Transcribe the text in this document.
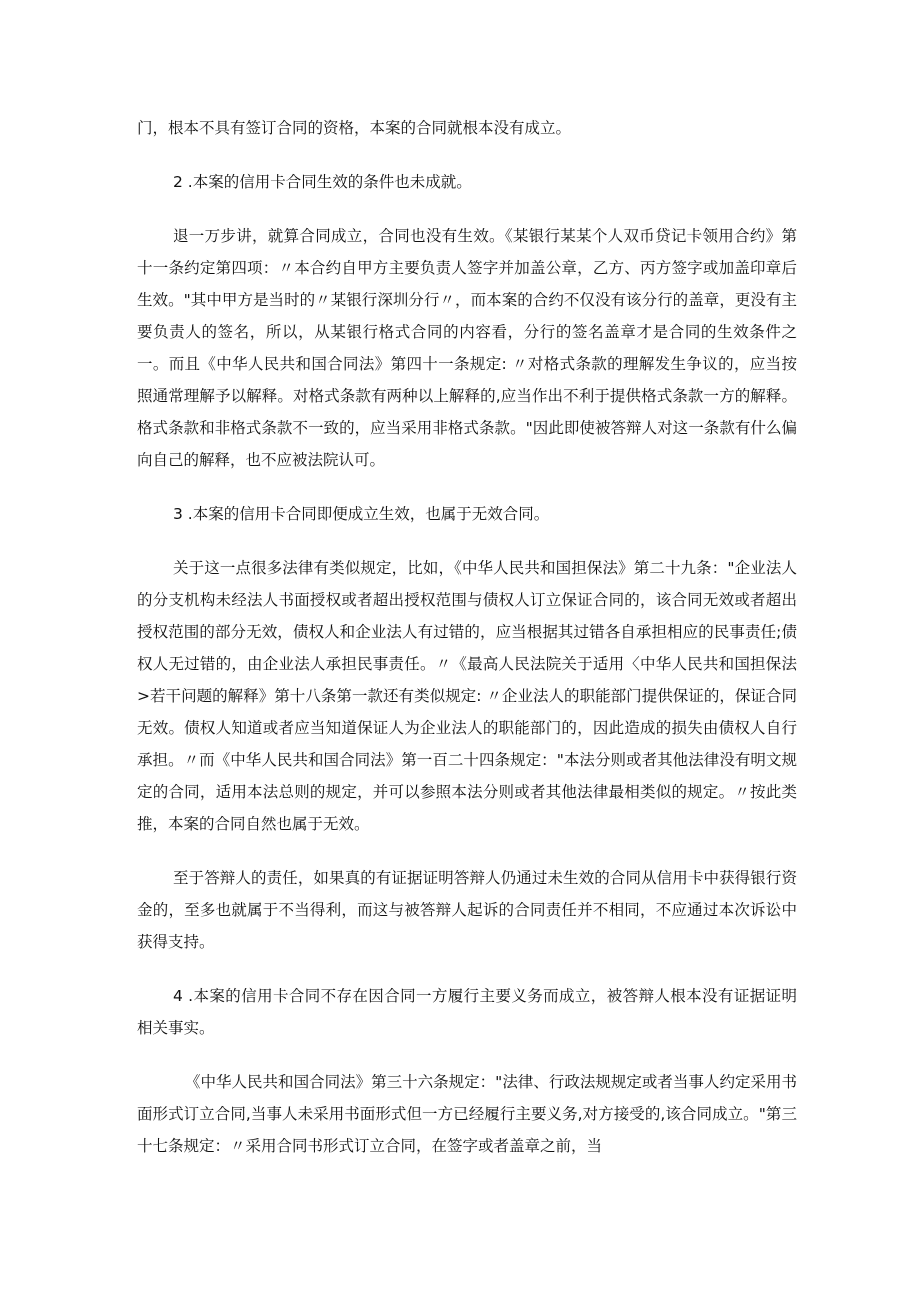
门，根本不具有签订合同的资格，本案的合同就根本没有成立。

2 .本案的信用卡合同生效的条件也未成就。

退一万步讲，就算合同成立，合同也没有生效。《某银行某某个人双币贷记卡领用合约》第十一条约定第四项：〃本合约自甲方主要负责人签字并加盖公章，乙方、丙方签字或加盖印章后生效。"其中甲方是当时的〃某银行深圳分行〃，而本案的合约不仅没有该分行的盖章，更没有主要负责人的签名，所以，从某银行格式合同的内容看，分行的签名盖章才是合同的生效条件之一。而且《中华人民共和国合同法》第四十一条规定: 〃对格式条款的理解发生争议的，应当按照通常理解予以解释。对格式条款有两种以上解释的,应当作出不利于提供格式条款一方的解释。格式条款和非格式条款不一致的，应当采用非格式条款。"因此即使被答辩人对这一条款有什么偏向自己的解释，也不应被法院认可。

3 .本案的信用卡合同即便成立生效，也属于无效合同。

关于这一点很多法律有类似规定，比如，《中华人民共和国担保法》第二十九条："企业法人的分支机构未经法人书面授权或者超出授权范围与债权人订立保证合同的，该合同无效或者超出授权范围的部分无效，债权人和企业法人有过错的，应当根据其过错各自承担相应的民事责任;债权人无过错的，由企业法人承担民事责任。〃《最高人民法院关于适用〈中华人民共和国担保法>若干问题的解释》第十八条第一款还有类似规定: 〃企业法人的职能部门提供保证的，保证合同无效。债权人知道或者应当知道保证人为企业法人的职能部门的，因此造成的损失由债权人自行承担。〃而《中华人民共和国合同法》第一百二十四条规定："本法分则或者其他法律没有明文规定的合同，适用本法总则的规定，并可以参照本法分则或者其他法律最相类似的规定。〃按此类推，本案的合同自然也属于无效。

至于答辩人的责任，如果真的有证据证明答辩人仍通过未生效的合同从信用卡中获得银行资金的，至多也就属于不当得利，而这与被答辩人起诉的合同责任并不相同，不应通过本次诉讼中获得支持。

4 .本案的信用卡合同不存在因合同一方履行主要义务而成立，被答辩人根本没有证据证明相关事实。

《中华人民共和国合同法》第三十六条规定："法律、行政法规规定或者当事人约定采用书面形式订立合同,当事人未采用书面形式但一方已经履行主要义务,对方接受的,该合同成立。"第三十七条规定：〃采用合同书形式订立合同，在签字或者盖章之前，当
